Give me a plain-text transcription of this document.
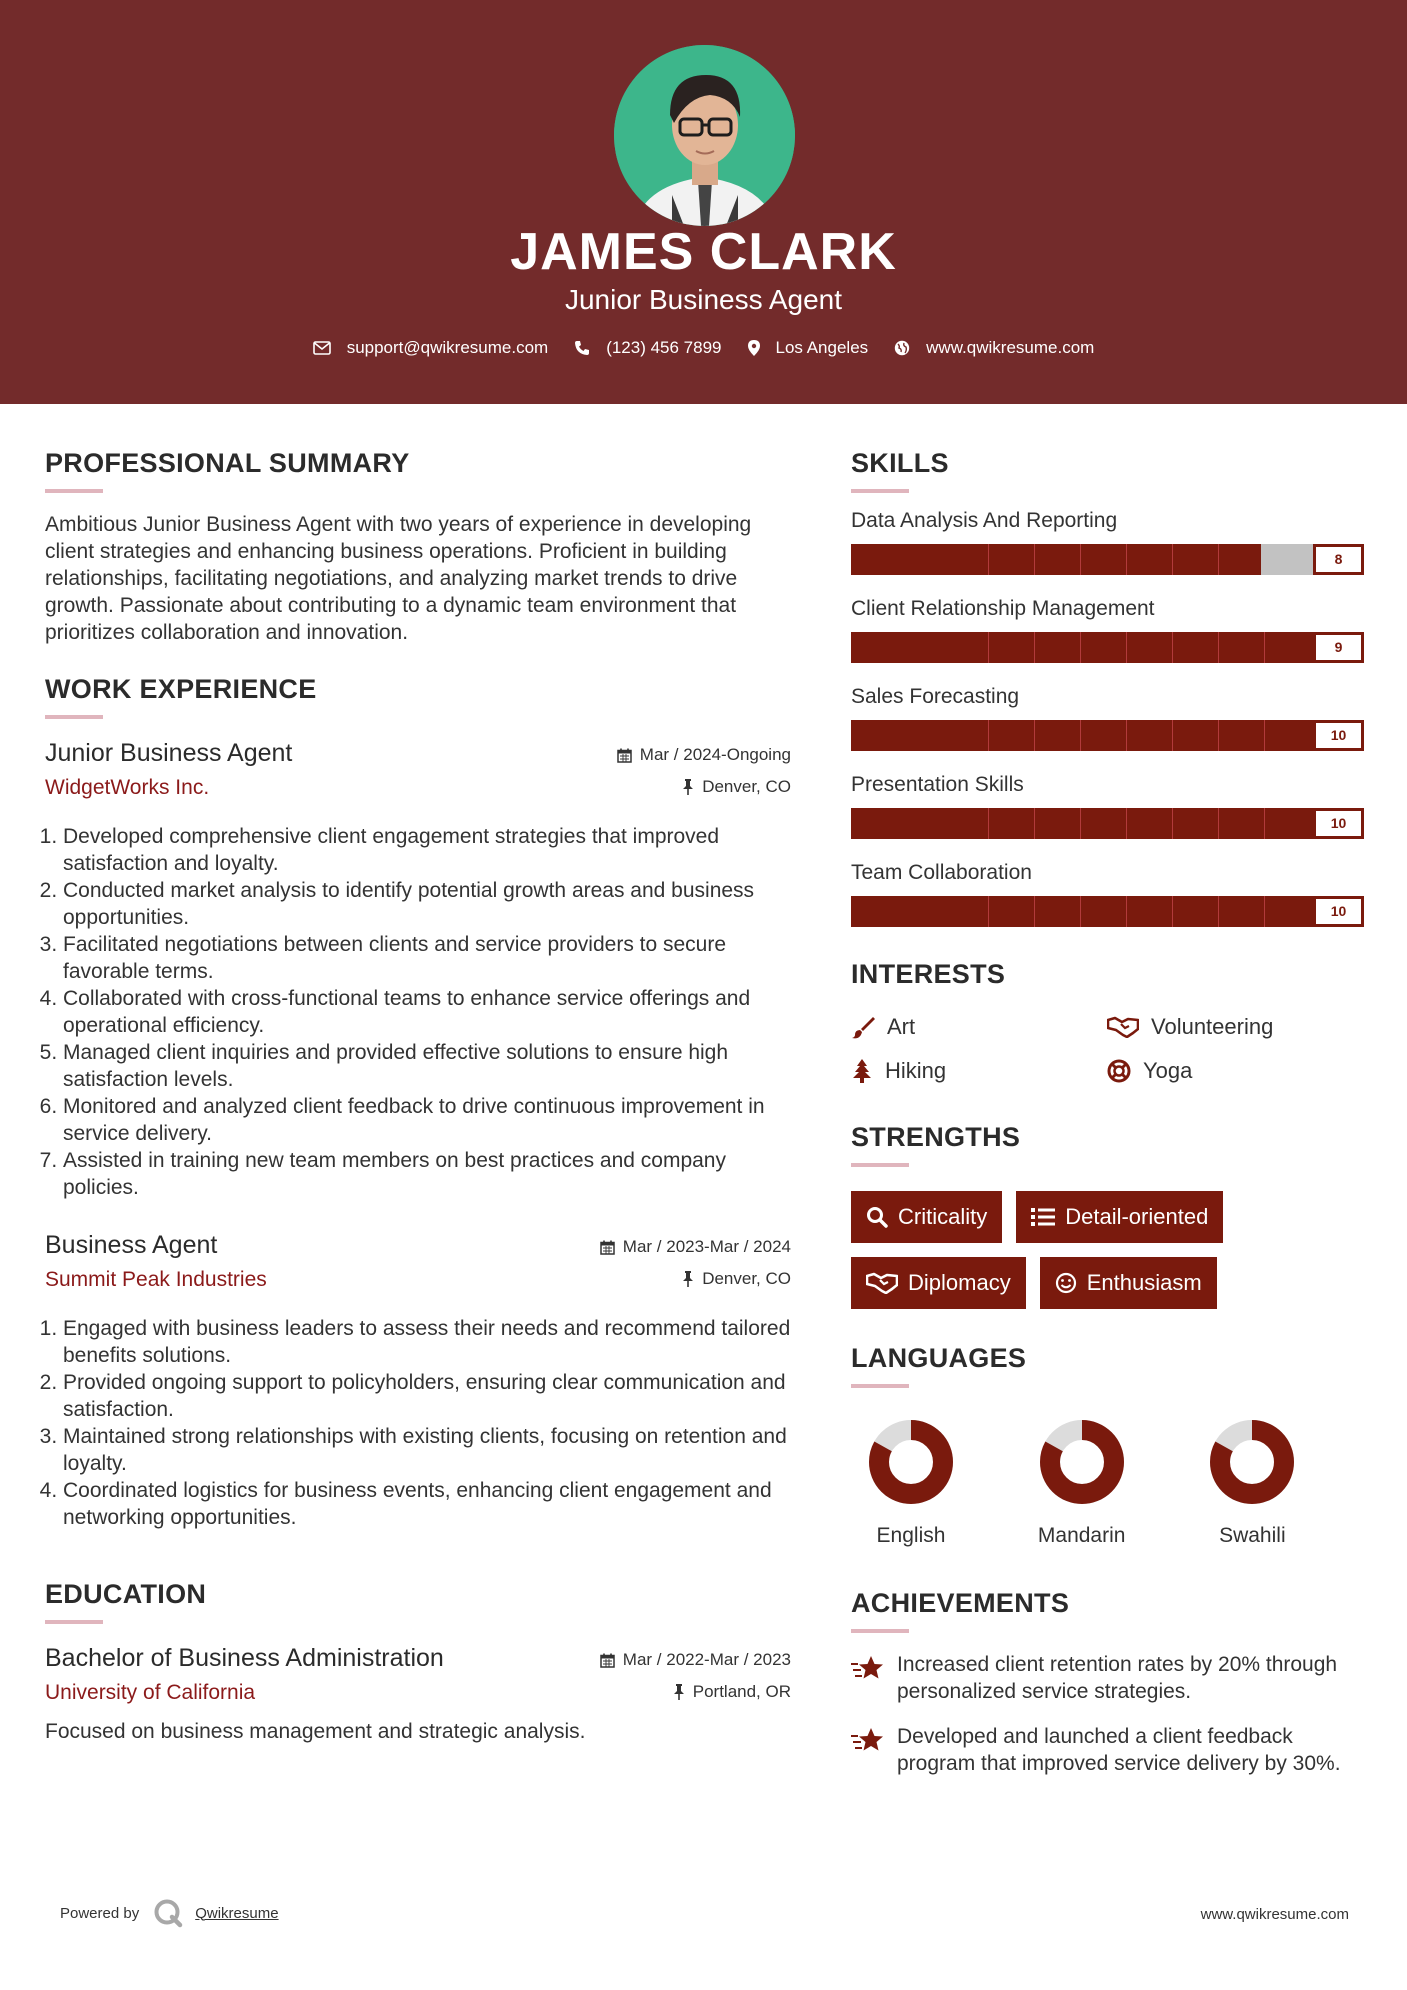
JAMES CLARK
Junior Business Agent
support@qwikresume.com	(123) 456 7899	Los Angeles	www.qwikresume.com
PROFESSIONAL SUMMARY
Ambitious Junior Business Agent with two years of experience in developing client strategies and enhancing business operations. Proficient in building relationships, facilitating negotiations, and analyzing market trends to drive growth. Passionate about contributing to a dynamic team environment that prioritizes collaboration and innovation.
WORK EXPERIENCE
Junior Business Agent
WidgetWorks Inc.
Mar / 2024-Ongoing
Denver, CO
1. Developed comprehensive client engagement strategies that improved satisfaction and loyalty.
2. Conducted market analysis to identify potential growth areas and business opportunities.
3. Facilitated negotiations between clients and service providers to secure favorable terms.
4. Collaborated with cross-functional teams to enhance service offerings and operational efficiency.
5. Managed client inquiries and provided effective solutions to ensure high satisfaction levels.
6. Monitored and analyzed client feedback to drive continuous improvement in service delivery.
7. Assisted in training new team members on best practices and company policies.
Business Agent
Summit Peak Industries
Mar / 2023-Mar / 2024
Denver, CO
1. Engaged with business leaders to assess their needs and recommend tailored benefits solutions.
2. Provided ongoing support to policyholders, ensuring clear communication and satisfaction.
3. Maintained strong relationships with existing clients, focusing on retention and loyalty.
4. Coordinated logistics for business events, enhancing client engagement and networking opportunities.
EDUCATION
Bachelor of Business Administration
University of California
Mar / 2022-Mar / 2023
Portland, OR
Focused on business management and strategic analysis.
SKILLS
Data Analysis And Reporting
8
Client Relationship Management
9
Sales Forecasting
10
Presentation Skills
10
Team Collaboration
10
INTERESTS
Art	Volunteering
Hiking	Yoga
STRENGTHS
Criticality	Detail-oriented
Diplomacy	Enthusiasm
LANGUAGES
English	Mandarin	Swahili
ACHIEVEMENTS
Increased client retention rates by 20% through personalized service strategies.
Developed and launched a client feedback program that improved service delivery by 30%.
Powered by	Qwikresume	www.qwikresume.com
